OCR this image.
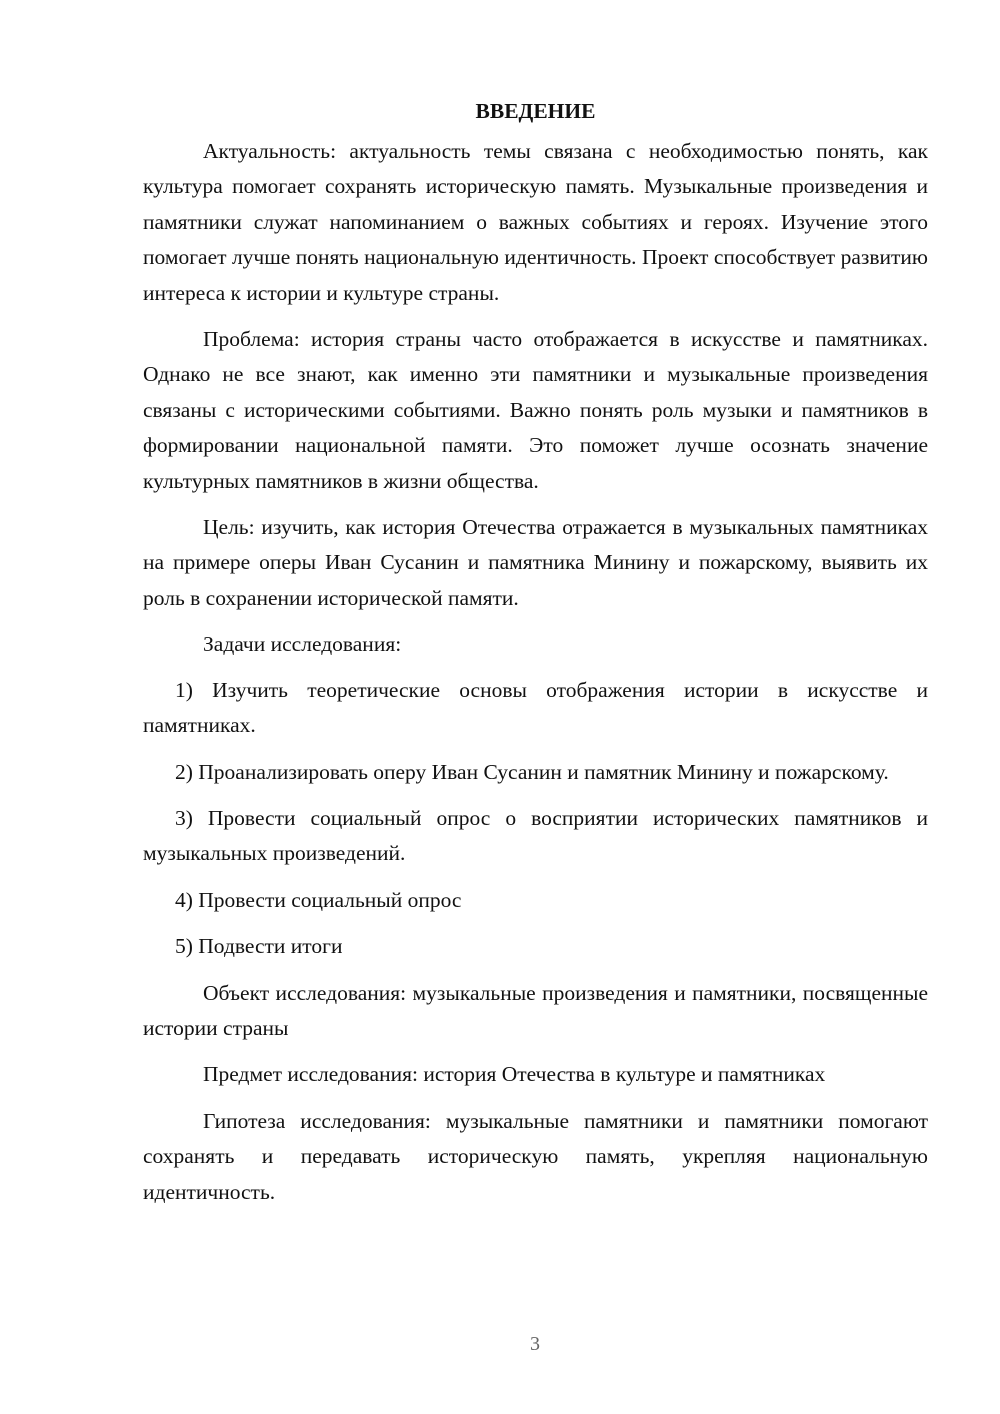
ВВЕДЕНИЕ

Актуальность: актуальность темы связана с необходимостью понять, как культура помогает сохранять историческую память. Музыкальные произведения и памятники служат напоминанием о важных событиях и героях. Изучение этого помогает лучше понять национальную идентичность. Проект способствует развитию интереса к истории и культуре страны.

Проблема: история страны часто отображается в искусстве и памятниках. Однако не все знают, как именно эти памятники и музыкальные произведения связаны с историческими событиями. Важно понять роль музыки и памятников в формировании национальной памяти. Это поможет лучше осознать значение культурных памятников в жизни общества.

Цель: изучить, как история Отечества отражается в музыкальных памятниках на примере оперы Иван Сусанин и памятника Минину и пожарскому, выявить их роль в сохранении исторической памяти.

Задачи исследования:

1) Изучить теоретические основы отображения истории в искусстве и памятниках.

2) Проанализировать оперу Иван Сусанин и памятник Минину и пожарскому.

3) Провести социальный опрос о восприятии исторических памятников и музыкальных произведений.

4) Провести социальный опрос

5) Подвести итоги

Объект исследования: музыкальные произведения и памятники, посвященные истории страны

Предмет исследования: история Отечества в культуре и памятниках

Гипотеза исследования: музыкальные памятники и памятники помогают сохранять и передавать историческую память, укрепляя национальную идентичность.

3
